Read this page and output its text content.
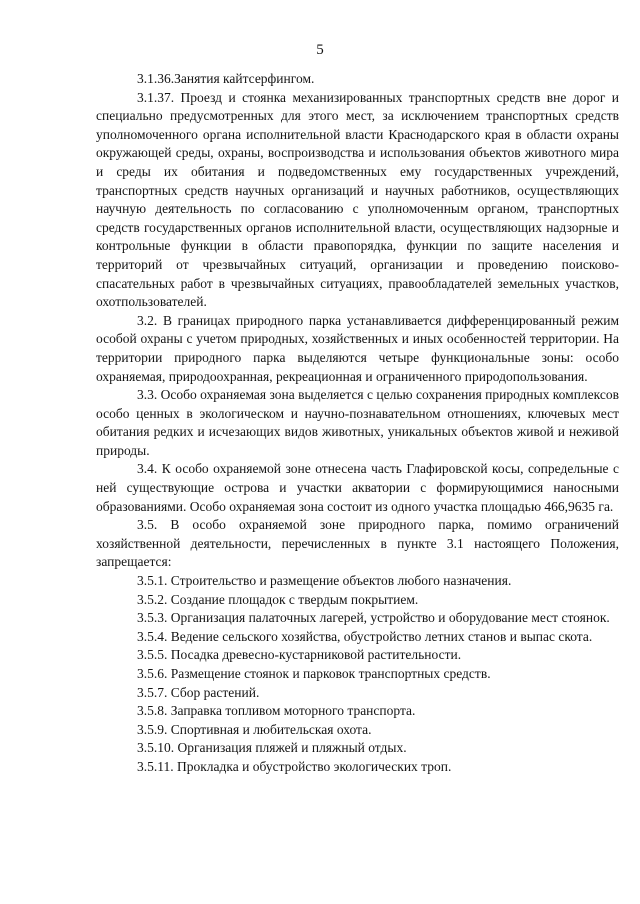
5

3.1.36.Занятия кайтсерфингом.

3.1.37. Проезд и стоянка механизированных транспортных средств вне дорог и специально предусмотренных для этого мест, за исключением транспортных средств уполномоченного органа исполнительной власти Краснодарского края в области охраны окружающей среды, охраны, воспроизводства и использования объектов животного мира и среды их обитания и подведомственных ему государственных учреждений, транспортных средств научных организаций и научных работников, осуществляющих научную деятельность по согласованию с уполномоченным органом, транспортных средств государственных органов исполнительной власти, осуществляющих надзорные и контрольные функции в области правопорядка, функции по защите населения и территорий от чрезвычайных ситуаций, организации и проведению поисково-спасательных работ в чрезвычайных ситуациях, правообладателей земельных участков, охотпользователей.

3.2. В границах природного парка устанавливается дифференцированный режим особой охраны с учетом природных, хозяйственных и иных особенностей территории. На территории природного парка выделяются четыре функциональные зоны: особо охраняемая, природоохранная, рекреационная и ограниченного природопользования.

3.3. Особо охраняемая зона выделяется с целью сохранения природных комплексов особо ценных в экологическом и научно-познавательном отношениях, ключевых мест обитания редких и исчезающих видов животных, уникальных объектов живой и неживой природы.

3.4. К особо охраняемой зоне отнесена часть Глафировской косы, сопредельные с ней существующие острова и участки акватории с формирующимися наносными образованиями. Особо охраняемая зона состоит из одного участка площадью 466,9635 га.

3.5. В особо охраняемой зоне природного парка, помимо ограничений хозяйственной деятельности, перечисленных в пункте 3.1 настоящего Положения, запрещается:

3.5.1. Строительство и размещение объектов любого назначения.

3.5.2. Создание площадок с твердым покрытием.

3.5.3. Организация палаточных лагерей, устройство и оборудование мест стоянок.

3.5.4. Ведение сельского хозяйства, обустройство летних станов и выпас скота.

3.5.5. Посадка древесно-кустарниковой растительности.

3.5.6. Размещение стоянок и парковок транспортных средств.

3.5.7. Сбор растений.

3.5.8. Заправка топливом моторного транспорта.

3.5.9. Спортивная и любительская охота.

3.5.10. Организация пляжей и пляжный отдых.

3.5.11. Прокладка и обустройство экологических троп.
